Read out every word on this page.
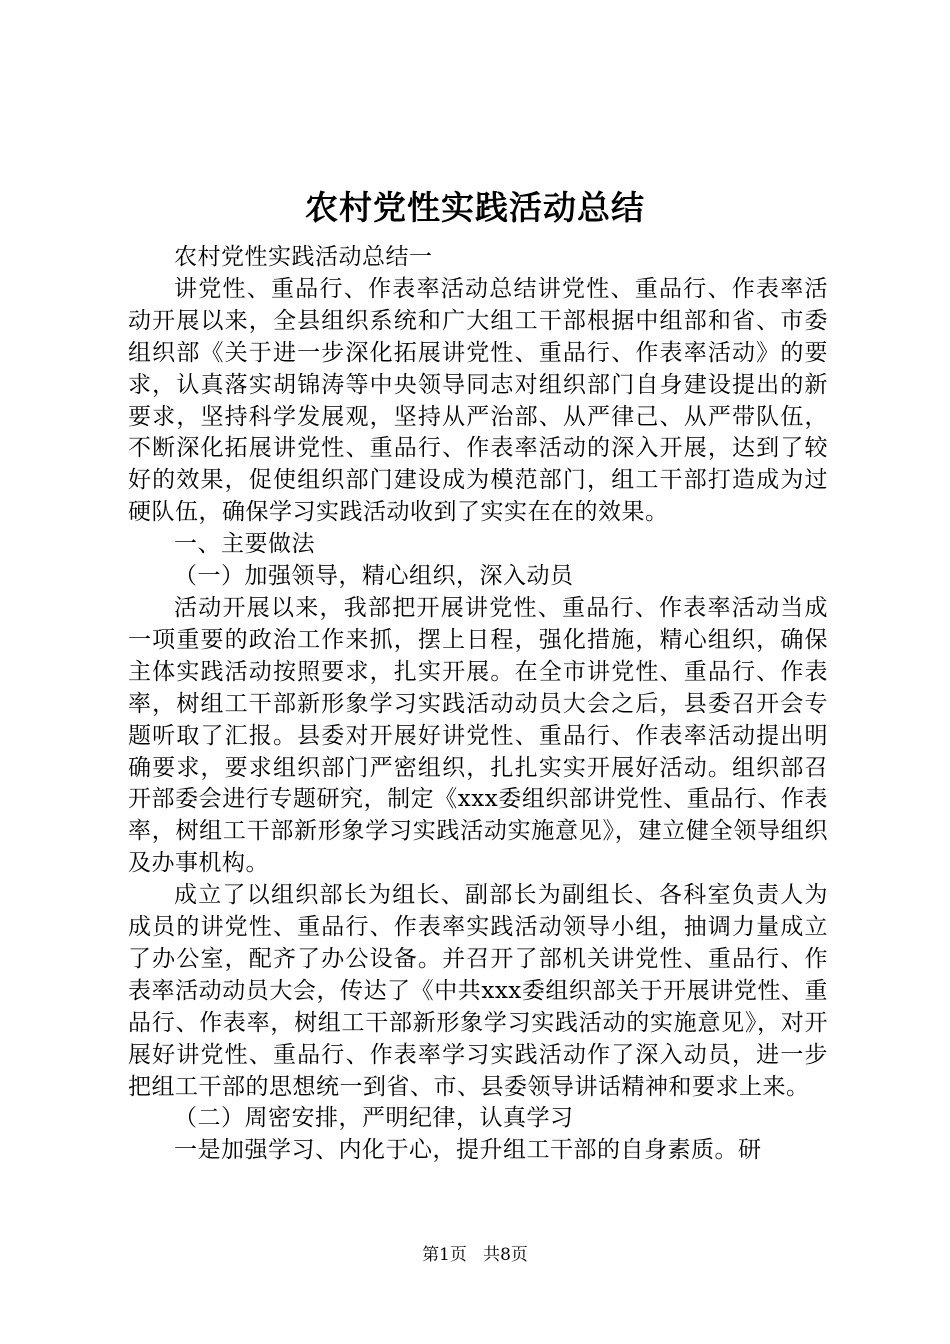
农村党性实践活动总结

农村党性实践活动总结一

讲党性、重品行、作表率活动总结讲党性、重品行、作表率活动开展以来，全县组织系统和广大组工干部根据中组部和省、市委组织部《关于进一步深化拓展讲党性、重品行、作表率活动》的要求，认真落实胡锦涛等中央领导同志对组织部门自身建设提出的新要求，坚持科学发展观，坚持从严治部、从严律己、从严带队伍，不断深化拓展讲党性、重品行、作表率活动的深入开展，达到了较好的效果，促使组织部门建设成为模范部门，组工干部打造成为过硬队伍，确保学习实践活动收到了实实在在的效果。

一、主要做法

（一）加强领导，精心组织，深入动员

活动开展以来，我部把开展讲党性、重品行、作表率活动当成一项重要的政治工作来抓，摆上日程，强化措施，精心组织，确保主体实践活动按照要求，扎实开展。在全市讲党性、重品行、作表率，树组工干部新形象学习实践活动动员大会之后，县委召开会专题听取了汇报。县委对开展好讲党性、重品行、作表率活动提出明确要求，要求组织部门严密组织，扎扎实实开展好活动。组织部召开部委会进行专题研究，制定《xxx委组织部讲党性、重品行、作表率，树组工干部新形象学习实践活动实施意见》，建立健全领导组织及办事机构。

成立了以组织部长为组长、副部长为副组长、各科室负责人为成员的讲党性、重品行、作表率实践活动领导小组，抽调力量成立了办公室，配齐了办公设备。并召开了部机关讲党性、重品行、作表率活动动员大会，传达了《中共xxx委组织部关于开展讲党性、重品行、作表率，树组工干部新形象学习实践活动的实施意见》，对开展好讲党性、重品行、作表率学习实践活动作了深入动员，进一步把组工干部的思想统一到省、市、县委领导讲话精神和要求上来。

（二）周密安排，严明纪律，认真学习

一是加强学习、内化于心，提升组工干部的自身素质。研

第1页 共8页
